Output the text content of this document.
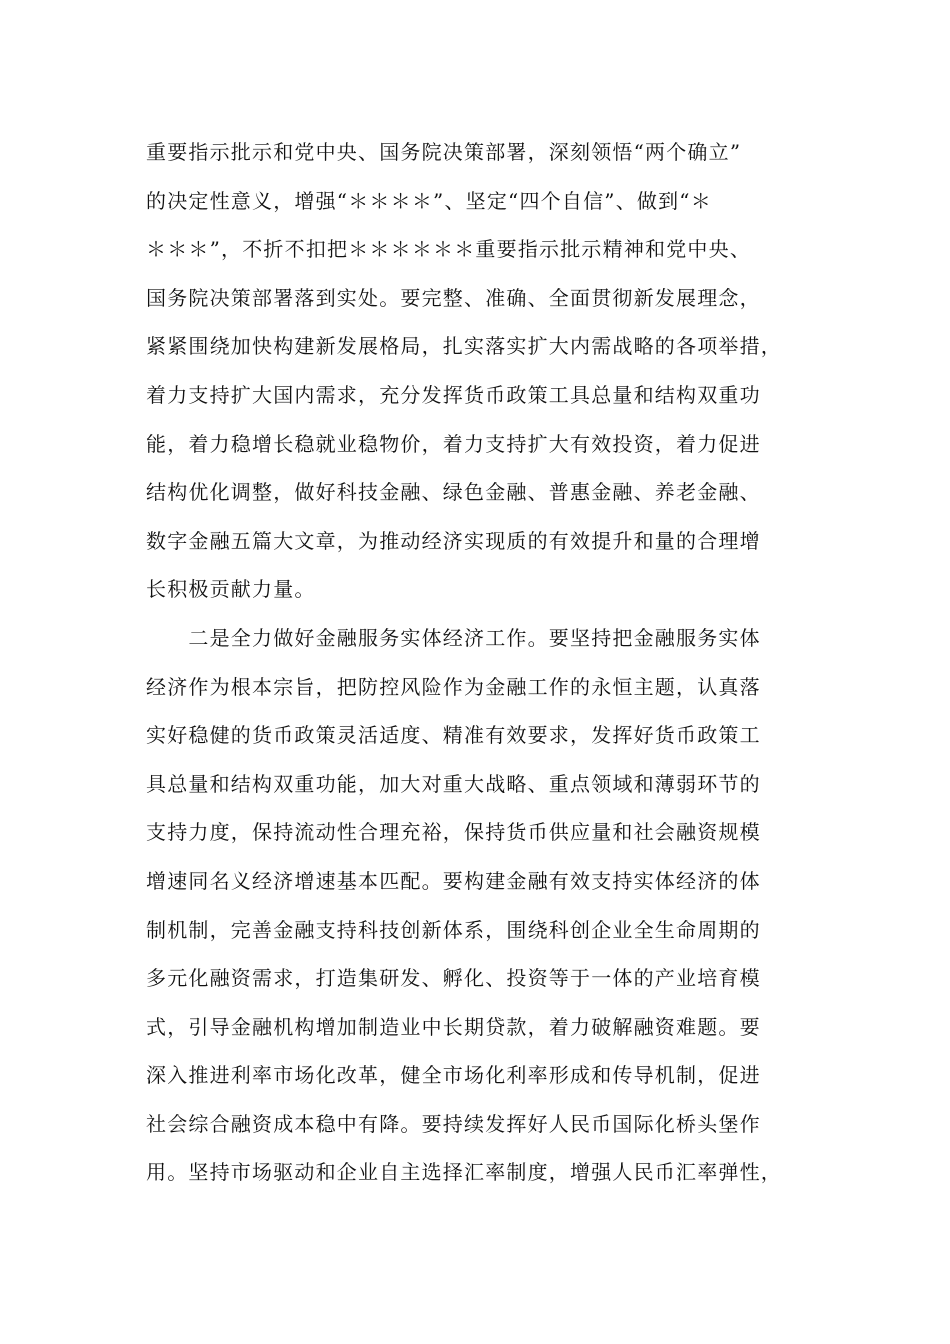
重要指示批示和党中央、国务院决策部署，深刻领悟“两个确立”
的决定性意义，增强“＊＊＊＊”、坚定“四个自信”、做到“＊
＊＊＊”，不折不扣把＊＊＊＊＊＊重要指示批示精神和党中央、
国务院决策部署落到实处。要完整、准确、全面贯彻新发展理念，
紧紧围绕加快构建新发展格局，扎实落实扩大内需战略的各项举措，
着力支持扩大国内需求，充分发挥货币政策工具总量和结构双重功
能，着力稳增长稳就业稳物价，着力支持扩大有效投资，着力促进
结构优化调整，做好科技金融、绿色金融、普惠金融、养老金融、
数字金融五篇大文章，为推动经济实现质的有效提升和量的合理增
长积极贡献力量。
　　二是全力做好金融服务实体经济工作。要坚持把金融服务实体
经济作为根本宗旨，把防控风险作为金融工作的永恒主题，认真落
实好稳健的货币政策灵活适度、精准有效要求，发挥好货币政策工
具总量和结构双重功能，加大对重大战略、重点领域和薄弱环节的
支持力度，保持流动性合理充裕，保持货币供应量和社会融资规模
增速同名义经济增速基本匹配。要构建金融有效支持实体经济的体
制机制，完善金融支持科技创新体系，围绕科创企业全生命周期的
多元化融资需求，打造集研发、孵化、投资等于一体的产业培育模
式，引导金融机构增加制造业中长期贷款，着力破解融资难题。要
深入推进利率市场化改革，健全市场化利率形成和传导机制，促进
社会综合融资成本稳中有降。要持续发挥好人民币国际化桥头堡作
用。坚持市场驱动和企业自主选择汇率制度，增强人民币汇率弹性，
